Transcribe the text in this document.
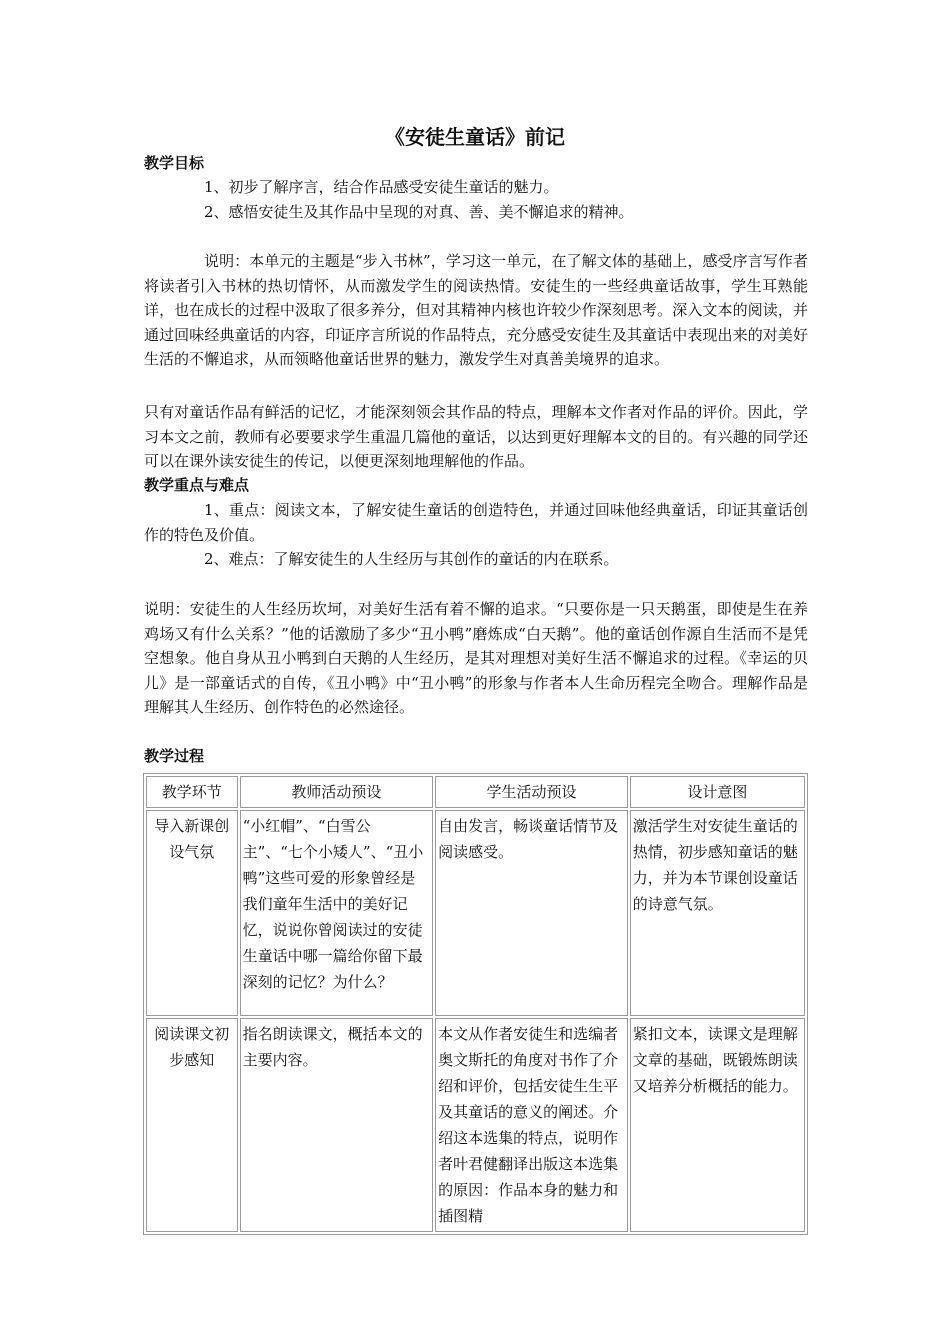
《安徒生童话》前记
教学目标
1、初步了解序言，结合作品感受安徒生童话的魅力。
2、感悟安徒生及其作品中呈现的对真、善、美不懈追求的精神。
说明：本单元的主题是“步入书林”，学习这一单元，在了解文体的基础上，感受序言写作者将读者引入书林的热切情怀，从而激发学生的阅读热情。安徒生的一些经典童话故事，学生耳熟能详，也在成长的过程中汲取了很多养分，但对其精神内核也许较少作深刻思考。深入文本的阅读，并通过回味经典童话的内容，印证序言所说的作品特点，充分感受安徒生及其童话中表现出来的对美好生活的不懈追求，从而领略他童话世界的魅力，激发学生对真善美境界的追求。
只有对童话作品有鲜活的记忆，才能深刻领会其作品的特点，理解本文作者对作品的评价。因此，学习本文之前，教师有必要要求学生重温几篇他的童话，以达到更好理解本文的目的。有兴趣的同学还可以在课外读安徒生的传记，以便更深刻地理解他的作品。
教学重点与难点
1、重点：阅读文本，了解安徒生童话的创造特色，并通过回味他经典童话，印证其童话创作的特色及价值。
2、难点：了解安徒生的人生经历与其创作的童话的内在联系。
说明：安徒生的人生经历坎坷，对美好生活有着不懈的追求。“只要你是一只天鹅蛋，即使是生在养鸡场又有什么关系？”他的话激励了多少“丑小鸭”磨炼成“白天鹅”。他的童话创作源自生活而不是凭空想象。他自身从丑小鸭到白天鹅的人生经历，是其对理想对美好生活不懈追求的过程。《幸运的贝儿》是一部童话式的自传，《丑小鸭》中“丑小鸭”的形象与作者本人生命历程完全吻合。理解作品是理解其人生经历、创作特色的必然途径。
教学过程
教学环节	教师活动预设	学生活动预设	设计意图
导入新课创设气氛	“小红帽”、“白雪公主”、“七个小矮人”、“丑小鸭”这些可爱的形象曾经是我们童年生活中的美好记忆，说说你曾阅读过的安徒生童话中哪一篇给你留下最深刻的记忆？为什么？	自由发言，畅谈童话情节及阅读感受。	激活学生对安徒生童话的热情，初步感知童话的魅力，并为本节课创设童话的诗意气氛。
阅读课文初步感知	指名朗读课文，概括本文的主要内容。	本文从作者安徒生和选编者奥文斯托的角度对书作了介绍和评价，包括安徒生生平及其童话的意义的阐述。介绍这本选集的特点，说明作者叶君健翻译出版这本选集的原因：作品本身的魅力和插图精	紧扣文本，读课文是理解文章的基础，既锻炼朗读又培养分析概括的能力。
